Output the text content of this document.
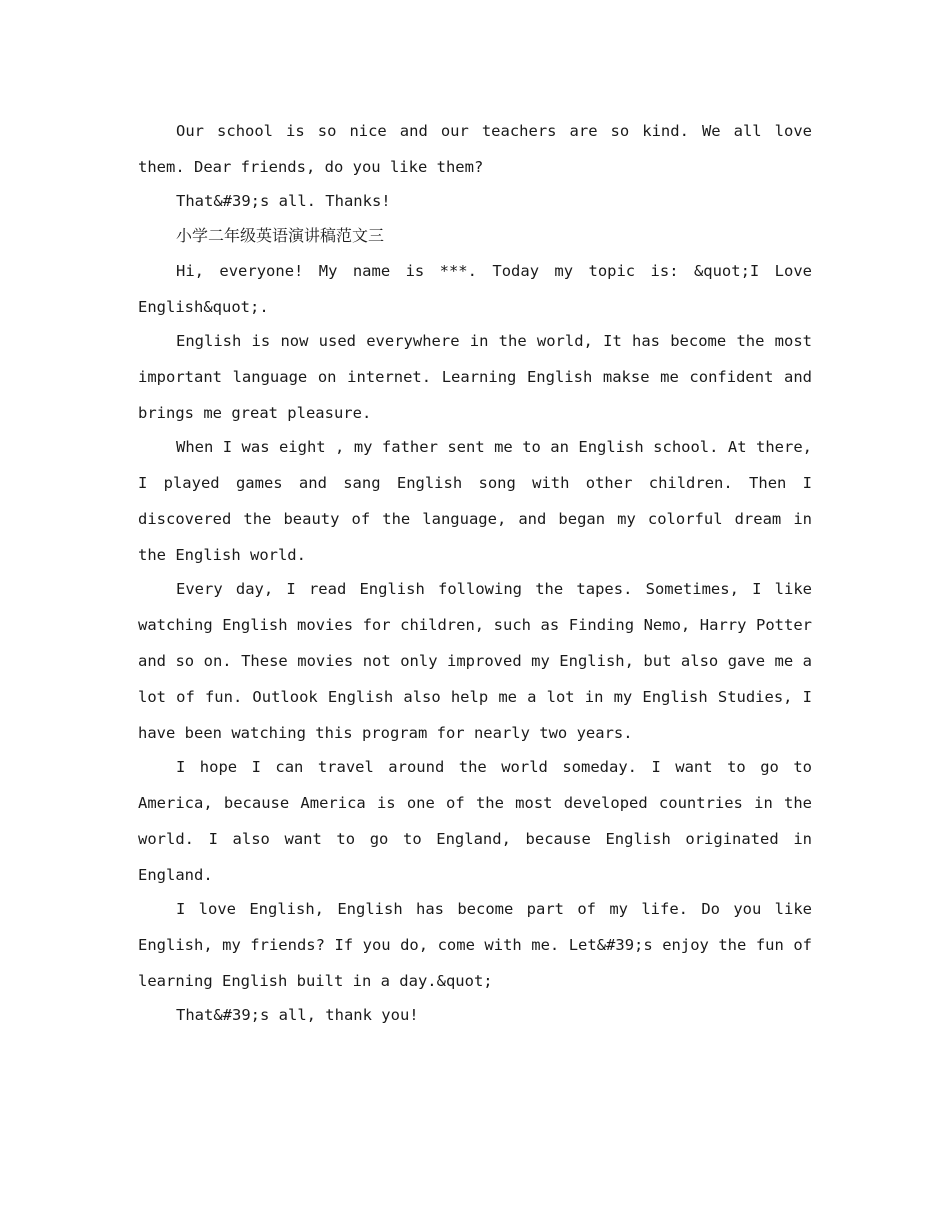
Our school is so nice and our teachers are so kind. We all love them. Dear friends, do you like them?

That&#39;s all. Thanks!

小学二年级英语演讲稿范文三

Hi, everyone! My name is ***. Today my topic is: &quot;I Love English&quot;.

English is now used everywhere in the world, It has become the most important language on internet. Learning English makse me confident and brings me great pleasure.

When I was eight , my father sent me to an English school. At there, I played games and sang English song with other children. Then I discovered the beauty of the language, and began my colorful dream in the English world.

Every day, I read English following the tapes. Sometimes, I like watching English movies for children, such as Finding Nemo, Harry Potter and so on. These movies not only improved my English, but also gave me a lot of fun. Outlook English also help me a lot in my English Studies, I have been watching this program for nearly two years.

I hope I can travel around the world someday. I want to go to America, because America is one of the most developed countries in the world. I also want to go to England, because English originated in England.

I love English, English has become part of my life. Do you like English, my friends? If you do, come with me. Let&#39;s enjoy the fun of learning English built in a day.&quot;

That&#39;s all, thank you!
